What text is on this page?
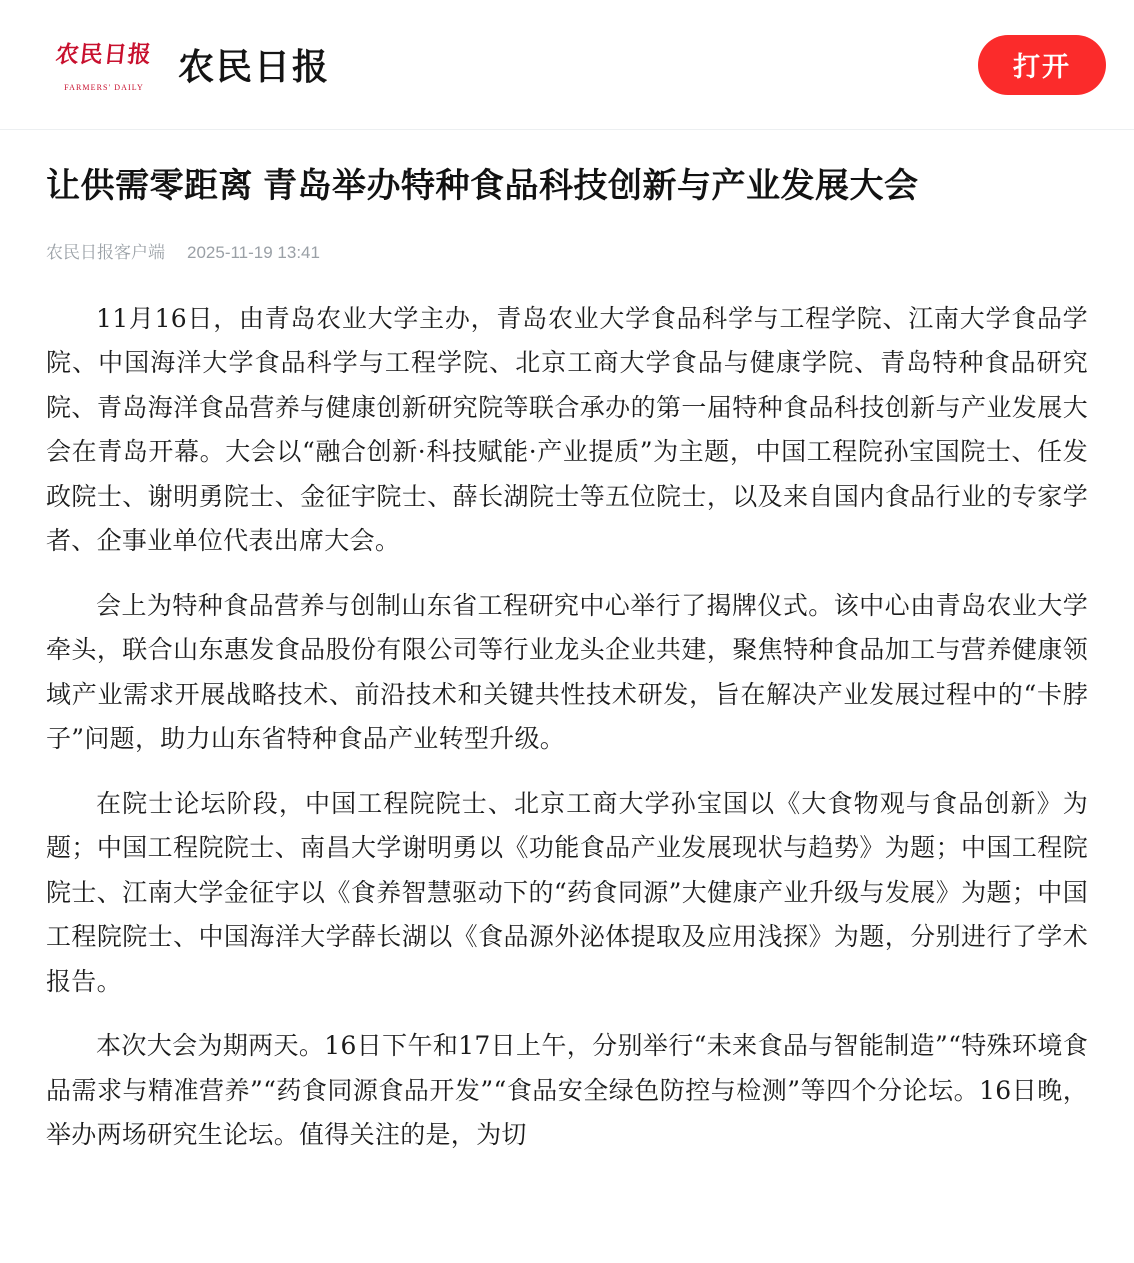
农民日报
FARMERS' DAILY 农民日报	打开
让供需零距离 青岛举办特种食品科技创新与产业发展大会
农民日报客户端 2025-11-19 13:41

11月16日，由青岛农业大学主办，青岛农业大学食品科学与工程学院、江南大学食品学院、中国海洋大学食品科学与工程学院、北京工商大学食品与健康学院、青岛特种食品研究院、青岛海洋食品营养与健康创新研究院等联合承办的第一届特种食品科技创新与产业发展大会在青岛开幕。大会以“融合创新·科技赋能·产业提质”为主题，中国工程院孙宝国院士、任发政院士、谢明勇院士、金征宇院士、薛长湖院士等五位院士，以及来自国内食品行业的专家学者、企事业单位代表出席大会。

会上为特种食品营养与创制山东省工程研究中心举行了揭牌仪式。该中心由青岛农业大学牵头，联合山东惠发食品股份有限公司等行业龙头企业共建，聚焦特种食品加工与营养健康领域产业需求开展战略技术、前沿技术和关键共性技术研发，旨在解决产业发展过程中的“卡脖子”问题，助力山东省特种食品产业转型升级。

在院士论坛阶段，中国工程院院士、北京工商大学孙宝国以《大食物观与食品创新》为题；中国工程院院士、南昌大学谢明勇以《功能食品产业发展现状与趋势》为题；中国工程院院士、江南大学金征宇以《食养智慧驱动下的“药食同源”大健康产业升级与发展》为题；中国工程院院士、中国海洋大学薛长湖以《食品源外泌体提取及应用浅探》为题，分别进行了学术报告。

本次大会为期两天。16日下午和17日上午，分别举行“未来食品与智能制造”“特殊环境食品需求与精准营养”“药食同源食品开发”“食品安全绿色防控与检测”等四个分论坛。16日晚，举办两场研究生论坛。值得关注的是，为切
